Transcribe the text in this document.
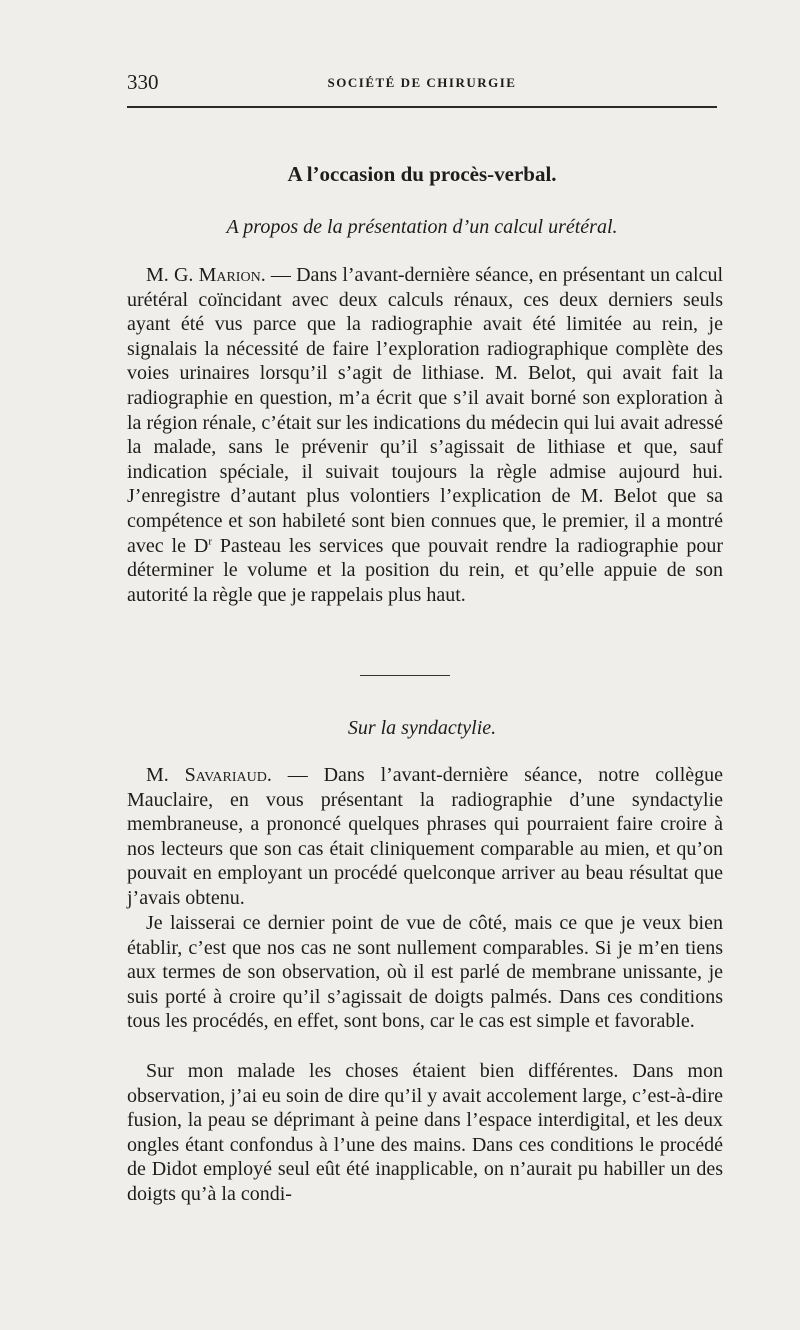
330	SOCIÉTÉ DE CHIRURGIE
A l’occasion du procès-verbal.
A propos de la présentation d’un calcul urétéral.

M. G. Marion. — Dans l’avant-dernière séance, en présentant un calcul urétéral coïncidant avec deux calculs rénaux, ces deux derniers seuls ayant été vus parce que la radiographie avait été limitée au rein, je signalais la nécessité de faire l’exploration radiographique complète des voies urinaires lorsqu’il s’agit de lithiase. M. Belot, qui avait fait la radiographie en question, m’a écrit que s’il avait borné son exploration à la région rénale, c’était sur les indications du médecin qui lui avait adressé la malade, sans le prévenir qu’il s’agissait de lithiase et que, sauf indication spéciale, il suivait toujours la règle admise aujourd hui. J’enregistre d’autant plus volontiers l’explication de M. Belot que sa compétence et son habileté sont bien connues que, le premier, il a montré avec le $D^r$ Pasteau les services que pouvait rendre la radiographie pour déterminer le volume et la position du rein, et qu’elle appuie de son autorité la règle que je rappelais plus haut.

Sur la syndactylie.

M. Savariaud. — Dans l’avant-dernière séance, notre collègue Mauclaire, en vous présentant la radiographie d’une syndactylie membraneuse, a prononcé quelques phrases qui pourraient faire croire à nos lecteurs que son cas était cliniquement comparable au mien, et qu’on pouvait en employant un procédé quelconque arriver au beau résultat que j’avais obtenu.

Je laisserai ce dernier point de vue de côté, mais ce que je veux bien établir, c’est que nos cas ne sont nullement comparables. Si je m’en tiens aux termes de son observation, où il est parlé de membrane unissante, je suis porté à croire qu’il s’agissait de doigts palmés. Dans ces conditions tous les procédés, en effet, sont bons, car le cas est simple et favorable.

Sur mon malade les choses étaient bien différentes. Dans mon observation, j’ai eu soin de dire qu’il y avait accolement large, c’est-à-dire fusion, la peau se déprimant à peine dans l’espace interdigital, et les deux ongles étant confondus à l’une des mains. Dans ces conditions le procédé de Didot employé seul eût été inapplicable, on n’aurait pu habiller un des doigts qu’à la condi-
